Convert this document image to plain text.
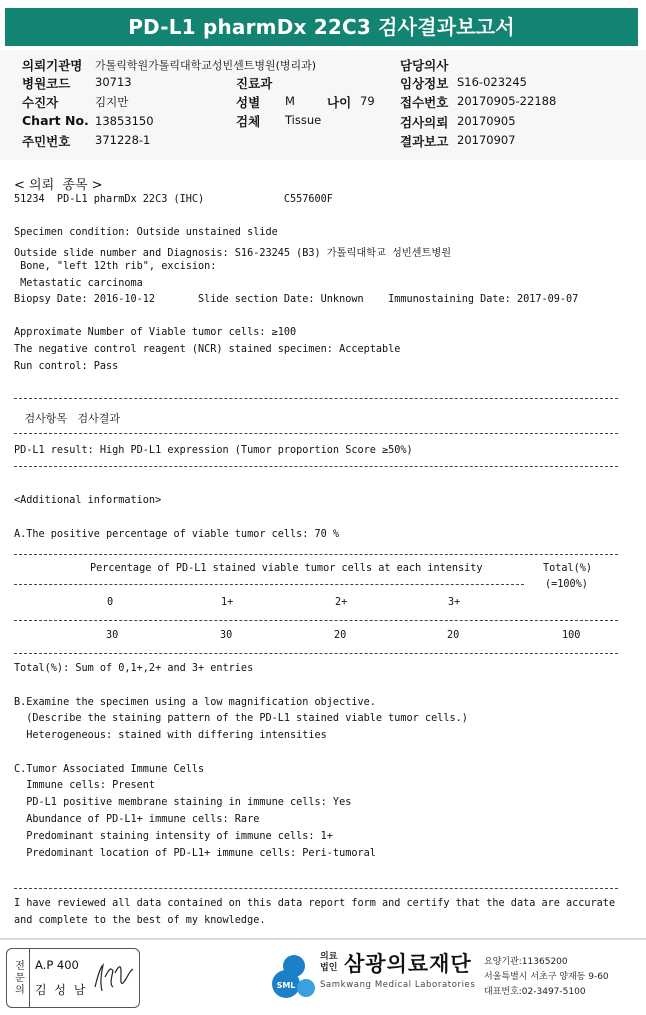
PD-L1 pharmDx 22C3 검사결과보고서
의뢰기관명 가톨릭학원가톨릭대학교성빈센트병원(병리과)	담당의사
병원코드 30713	진료과	임상정보 S16-023245
수진자	김지만	성별 M	나이 79 접수번호 20170905-22188
Chart No. 13853150	검체 Tissue	검사의뢰 20170905
주민번호 371228-1	결과보고 20170907
< 의뢰  종목 >
51234  PD-L1 pharmDx 22C3 (IHC)             C557600F
Specimen condition: Outside unstained slide
Outside slide number and Diagnosis: S16-23245 (B3) 가톨릭대학교 성빈센트병원
Bone, "left 12th rib", excision:
Metastatic carcinoma
Biopsy Date: 2016-10-12       Slide section Date: Unknown    Immunostaining Date: 2017-09-07
Approximate Number of Viable tumor cells: ≥100
The negative control reagent (NCR) stained specimen: Acceptable
Run control: Pass
검사항목   검사결과
PD-L1 result: High PD-L1 expression (Tumor proportion Score ≥50%)
<Additional information>
A.The positive percentage of viable tumor cells: 70 %
Percentage of PD-L1 stained viable tumor cells at each intensity	Total(%)
(=100%)
0	1+	2+	3+
30	30	20	20	100
Total(%): Sum of 0,1+,2+ and 3+ entries
B.Examine the specimen using a low magnification objective.
(Describe the staining pattern of the PD-L1 stained viable tumor cells.)
Heterogeneous: stained with differing intensities
C.Tumor Associated Immune Cells
Immune cells: Present
PD-L1 positive membrane staining in immune cells: Yes
Abundance of PD-L1+ immune cells: Rare
Predominant staining intensity of immune cells: 1+
Predominant location of PD-L1+ immune cells: Peri-tumoral
I have reviewed all data contained on this data report form and certify that the data are accurate
and complete to the best of my knowledge.
전문의 A.P 400
김 성 남	SML
의료
법인 삼광의료재단
Samkwang Medical Laboratories
요양기관:11365200
서울특별시 서초구 양재동 9-60
대표번호:02-3497-5100
